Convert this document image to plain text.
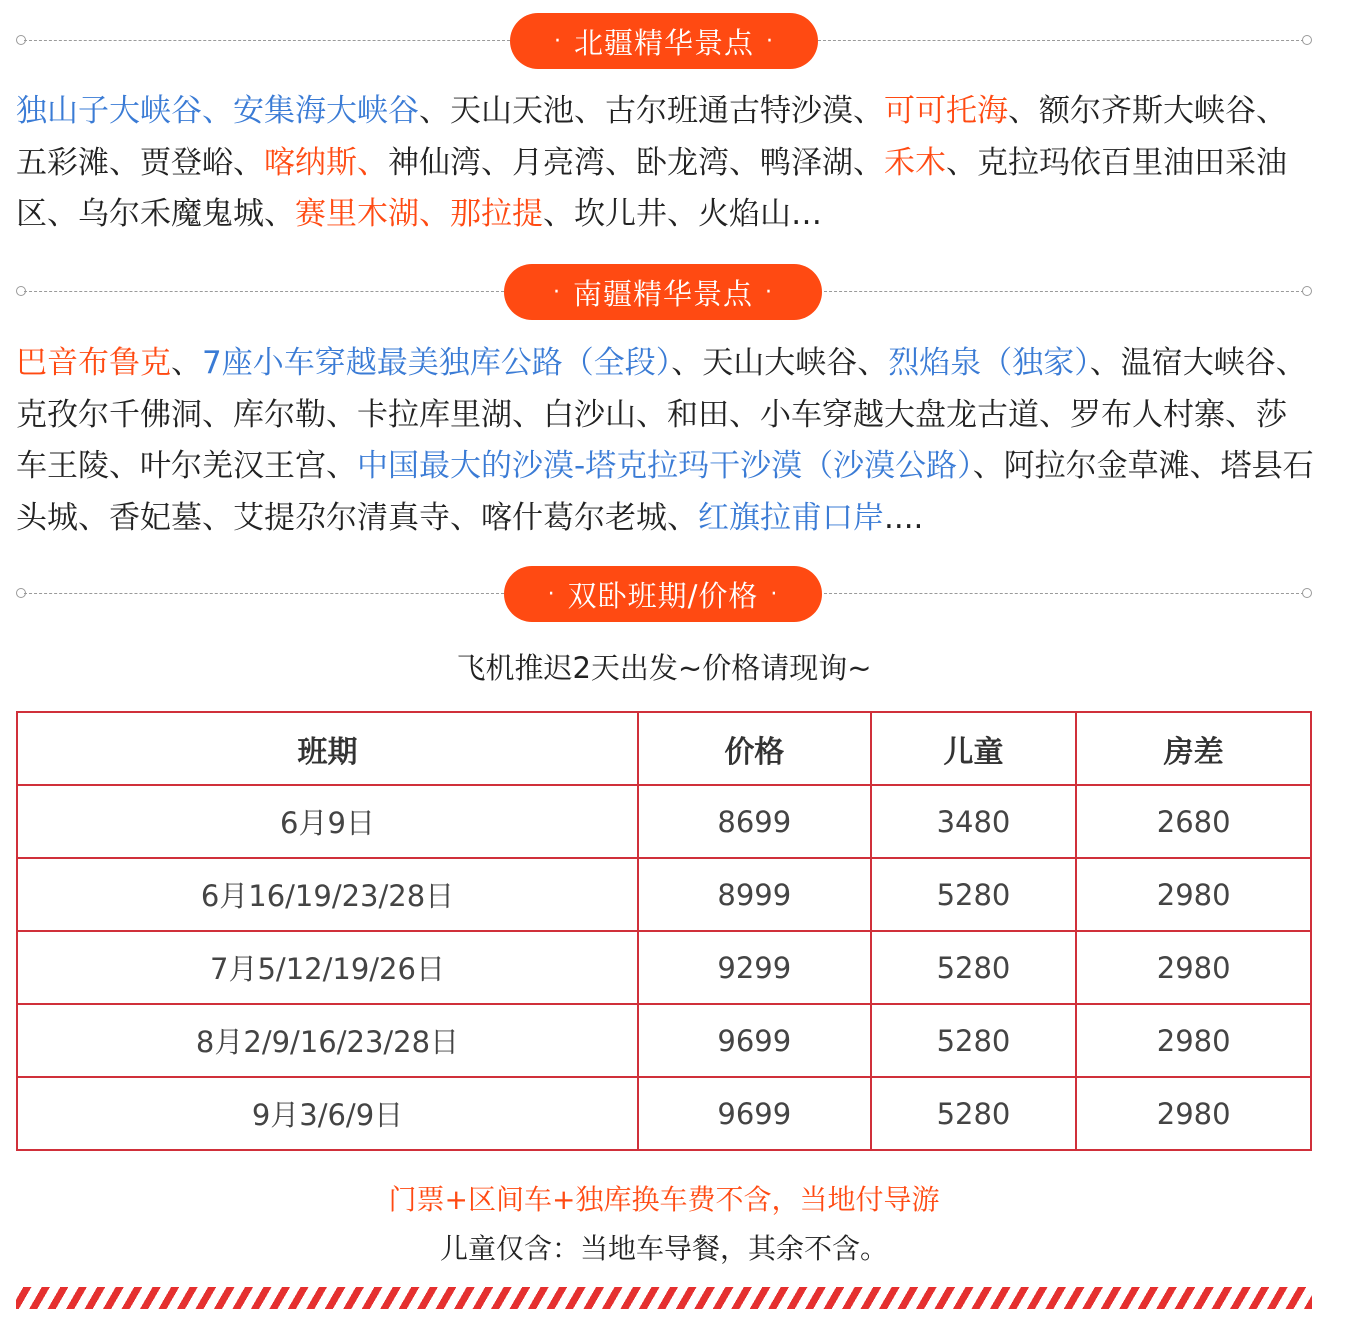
· 北疆精华景点 ·
独山子大峡谷、安集海大峡谷、天山天池、古尔班通古特沙漠、可可托海、额尔齐斯大峡谷、五彩滩、贾登峪、喀纳斯、神仙湾、月亮湾、卧龙湾、鸭泽湖、禾木、克拉玛依百里油田采油区、乌尔禾魔鬼城、赛里木湖、那拉提、坎儿井、火焰山…
· 南疆精华景点 ·
巴音布鲁克、7座小车穿越最美独库公路（全段）、天山大峡谷、烈焰泉（独家）、温宿大峡谷、克孜尔千佛洞、库尔勒、卡拉库里湖、白沙山、和田、小车穿越大盘龙古道、罗布人村寨、莎车王陵、叶尔羌汉王宫、中国最大的沙漠-塔克拉玛干沙漠（沙漠公路）、阿拉尔金草滩、塔县石头城、香妃墓、艾提尕尔清真寺、喀什葛尔老城、红旗拉甫口岸....
· 双卧班期/价格 ·
飞机推迟2天出发~价格请现询~
班期	价格	儿童	房差
6月9日	8699	3480	2680
6月16/19/23/28日	8999	5280	2980
7月5/12/19/26日	9299	5280	2980
8月2/9/16/23/28日	9699	5280	2980
9月3/6/9日	9699	5280	2980
门票+区间车+独库换车费不含，当地付导游
儿童仅含：当地车导餐，其余不含。
